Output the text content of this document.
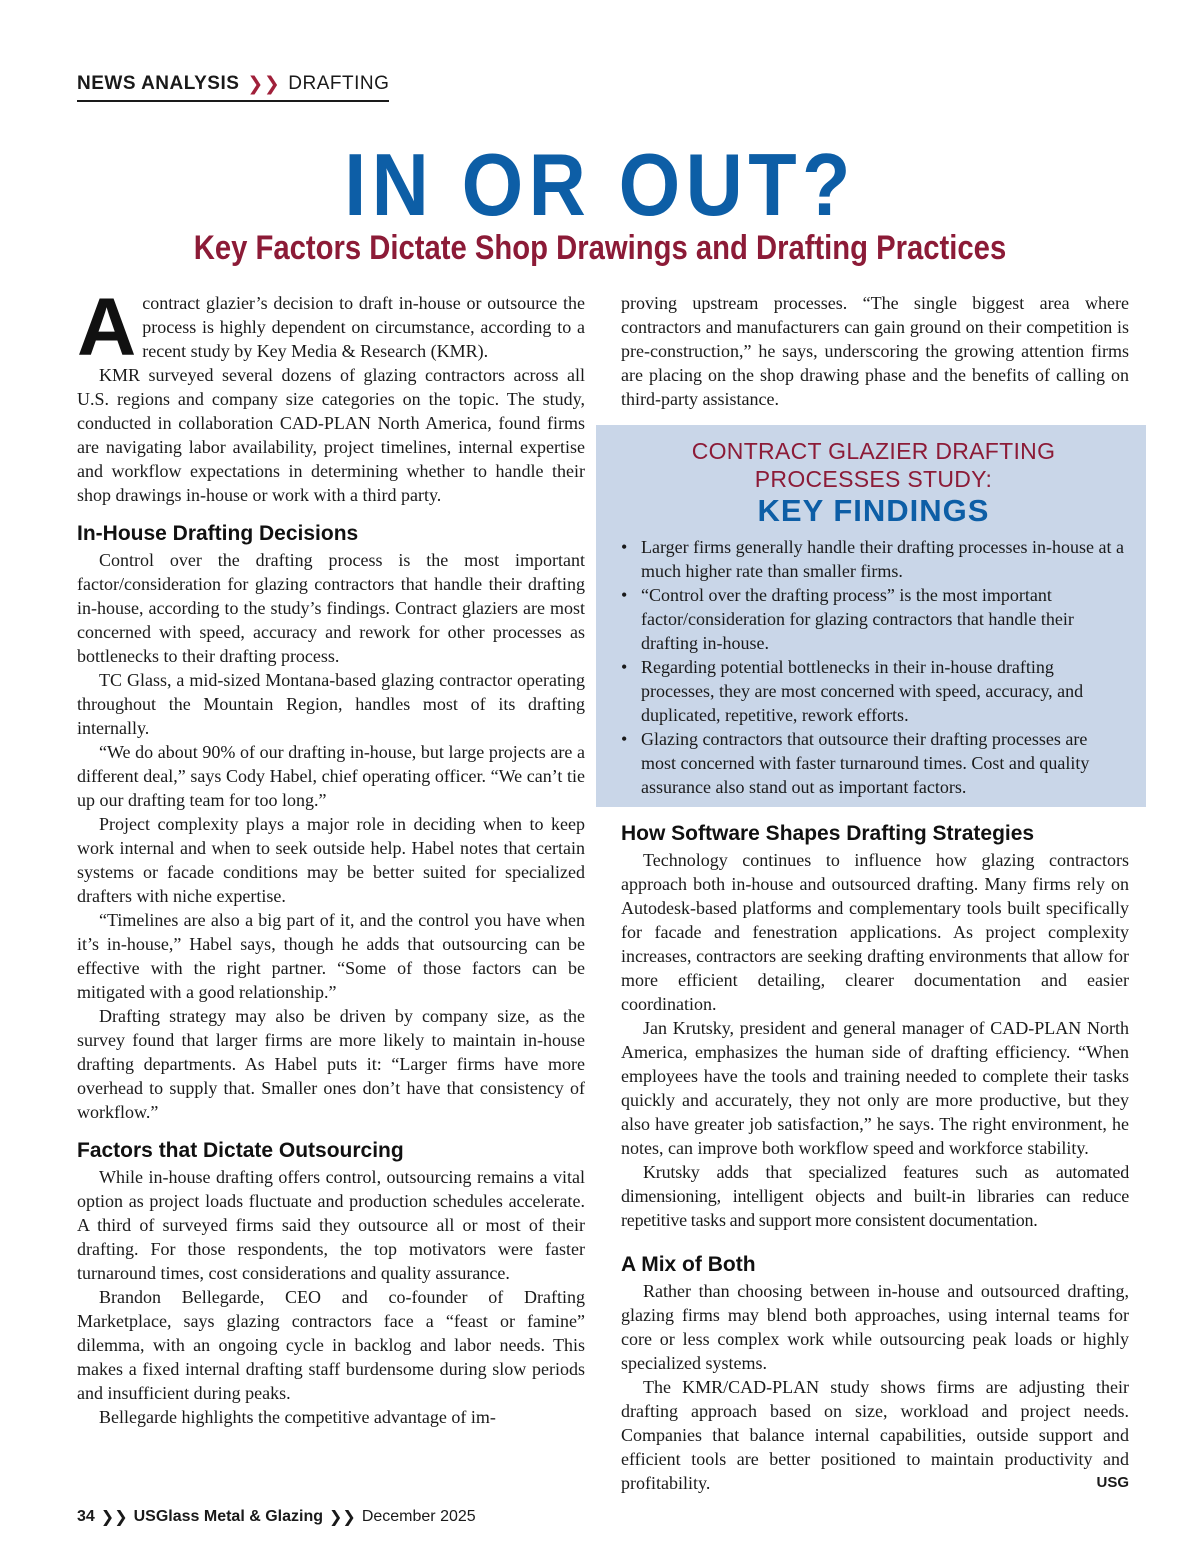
NEWS ANALYSIS ❯❯ DRAFTING
IN OR OUT?
Key Factors Dictate Shop Drawings and Drafting Practices

Acontract glazier’s decision to draft in-house or outsource the process is highly dependent on circumstance, according to a recent study by Key Media & Research (KMR).

KMR surveyed several dozens of glazing contractors across all U.S. regions and company size categories on the topic. The study, conducted in collaboration CAD-PLAN North America, found firms are navigating labor availability, project timelines, internal expertise and workflow expectations in determining whether to handle their shop drawings in-house or work with a third party.

In-House Drafting Decisions

Control over the drafting process is the most important factor/consideration for glazing contractors that handle their drafting in-house, according to the study’s findings. Contract glaziers are most concerned with speed, accuracy and rework for other processes as bottlenecks to their drafting process.

TC Glass, a mid-sized Montana-based glazing contractor operating throughout the Mountain Region, handles most of its drafting internally.

“We do about 90% of our drafting in-house, but large projects are a different deal,” says Cody Habel, chief operating officer. “We can’t tie up our drafting team for too long.”

Project complexity plays a major role in deciding when to keep work internal and when to seek outside help. Habel notes that certain systems or facade conditions may be better suited for specialized drafters with niche expertise.

“Timelines are also a big part of it, and the control you have when it’s in-house,” Habel says, though he adds that outsourcing can be effective with the right partner. “Some of those factors can be mitigated with a good relationship.”

Drafting strategy may also be driven by company size, as the survey found that larger firms are more likely to maintain in-house drafting departments. As Habel puts it: “Larger firms have more overhead to supply that. Smaller ones don’t have that consistency of workflow.”

Factors that Dictate Outsourcing

While in-house drafting offers control, outsourcing remains a vital option as project loads fluctuate and production schedules accelerate. A third of surveyed firms said they outsource all or most of their drafting. For those respondents, the top motivators were faster turnaround times, cost considerations and quality assurance.

Brandon Bellegarde, CEO and co-founder of Drafting Marketplace, says glazing contractors face a “feast or famine” dilemma, with an ongoing cycle in backlog and labor needs. This makes a fixed internal drafting staff burdensome during slow periods and insufficient during peaks.

Bellegarde highlights the competitive advantage of im-

proving upstream processes. “The single biggest area where contractors and manufacturers can gain ground on their competition is pre-construction,” he says, underscoring the growing attention firms are placing on the shop drawing phase and the benefits of calling on third-party assistance.

CONTRACT GLAZIER DRAFTING PROCESSES STUDY:
KEY FINDINGS
• Larger firms generally handle their drafting processes in-house at a much higher rate than smaller firms.
• “Control over the drafting process” is the most important factor/consideration for glazing contractors that handle their drafting in-house.
• Regarding potential bottlenecks in their in-house drafting processes, they are most concerned with speed, accuracy, and duplicated, repetitive, rework efforts.
• Glazing contractors that outsource their drafting processes are most concerned with faster turnaround times. Cost and quality assurance also stand out as important factors.
How Software Shapes Drafting Strategies

Technology continues to influence how glazing contractors approach both in-house and outsourced drafting. Many firms rely on Autodesk-based platforms and complementary tools built specifically for facade and fenestration applications. As project complexity increases, contractors are seeking drafting environments that allow for more efficient detailing, clearer documentation and easier coordination.

Jan Krutsky, president and general manager of CAD-PLAN North America, emphasizes the human side of drafting efficiency. “When employees have the tools and training needed to complete their tasks quickly and accurately, they not only are more productive, but they also have greater job satisfaction,” he says. The right environment, he notes, can improve both workflow speed and workforce stability.

Krutsky adds that specialized features such as automated dimensioning, intelligent objects and built-in libraries can reduce repetitive tasks and support more consistent documentation.

A Mix of Both

Rather than choosing between in-house and outsourced drafting, glazing firms may blend both approaches, using internal teams for core or less complex work while outsourcing peak loads or highly specialized systems.

The KMR/CAD-PLAN study shows firms are adjusting their drafting approach based on size, workload and project needs. Companies that balance internal capabilities, outside support and efficient tools are better positioned to maintain productivity and profitability.	USG

34 ❯❯ USGlass Metal & Glazing ❯❯ December 2025
